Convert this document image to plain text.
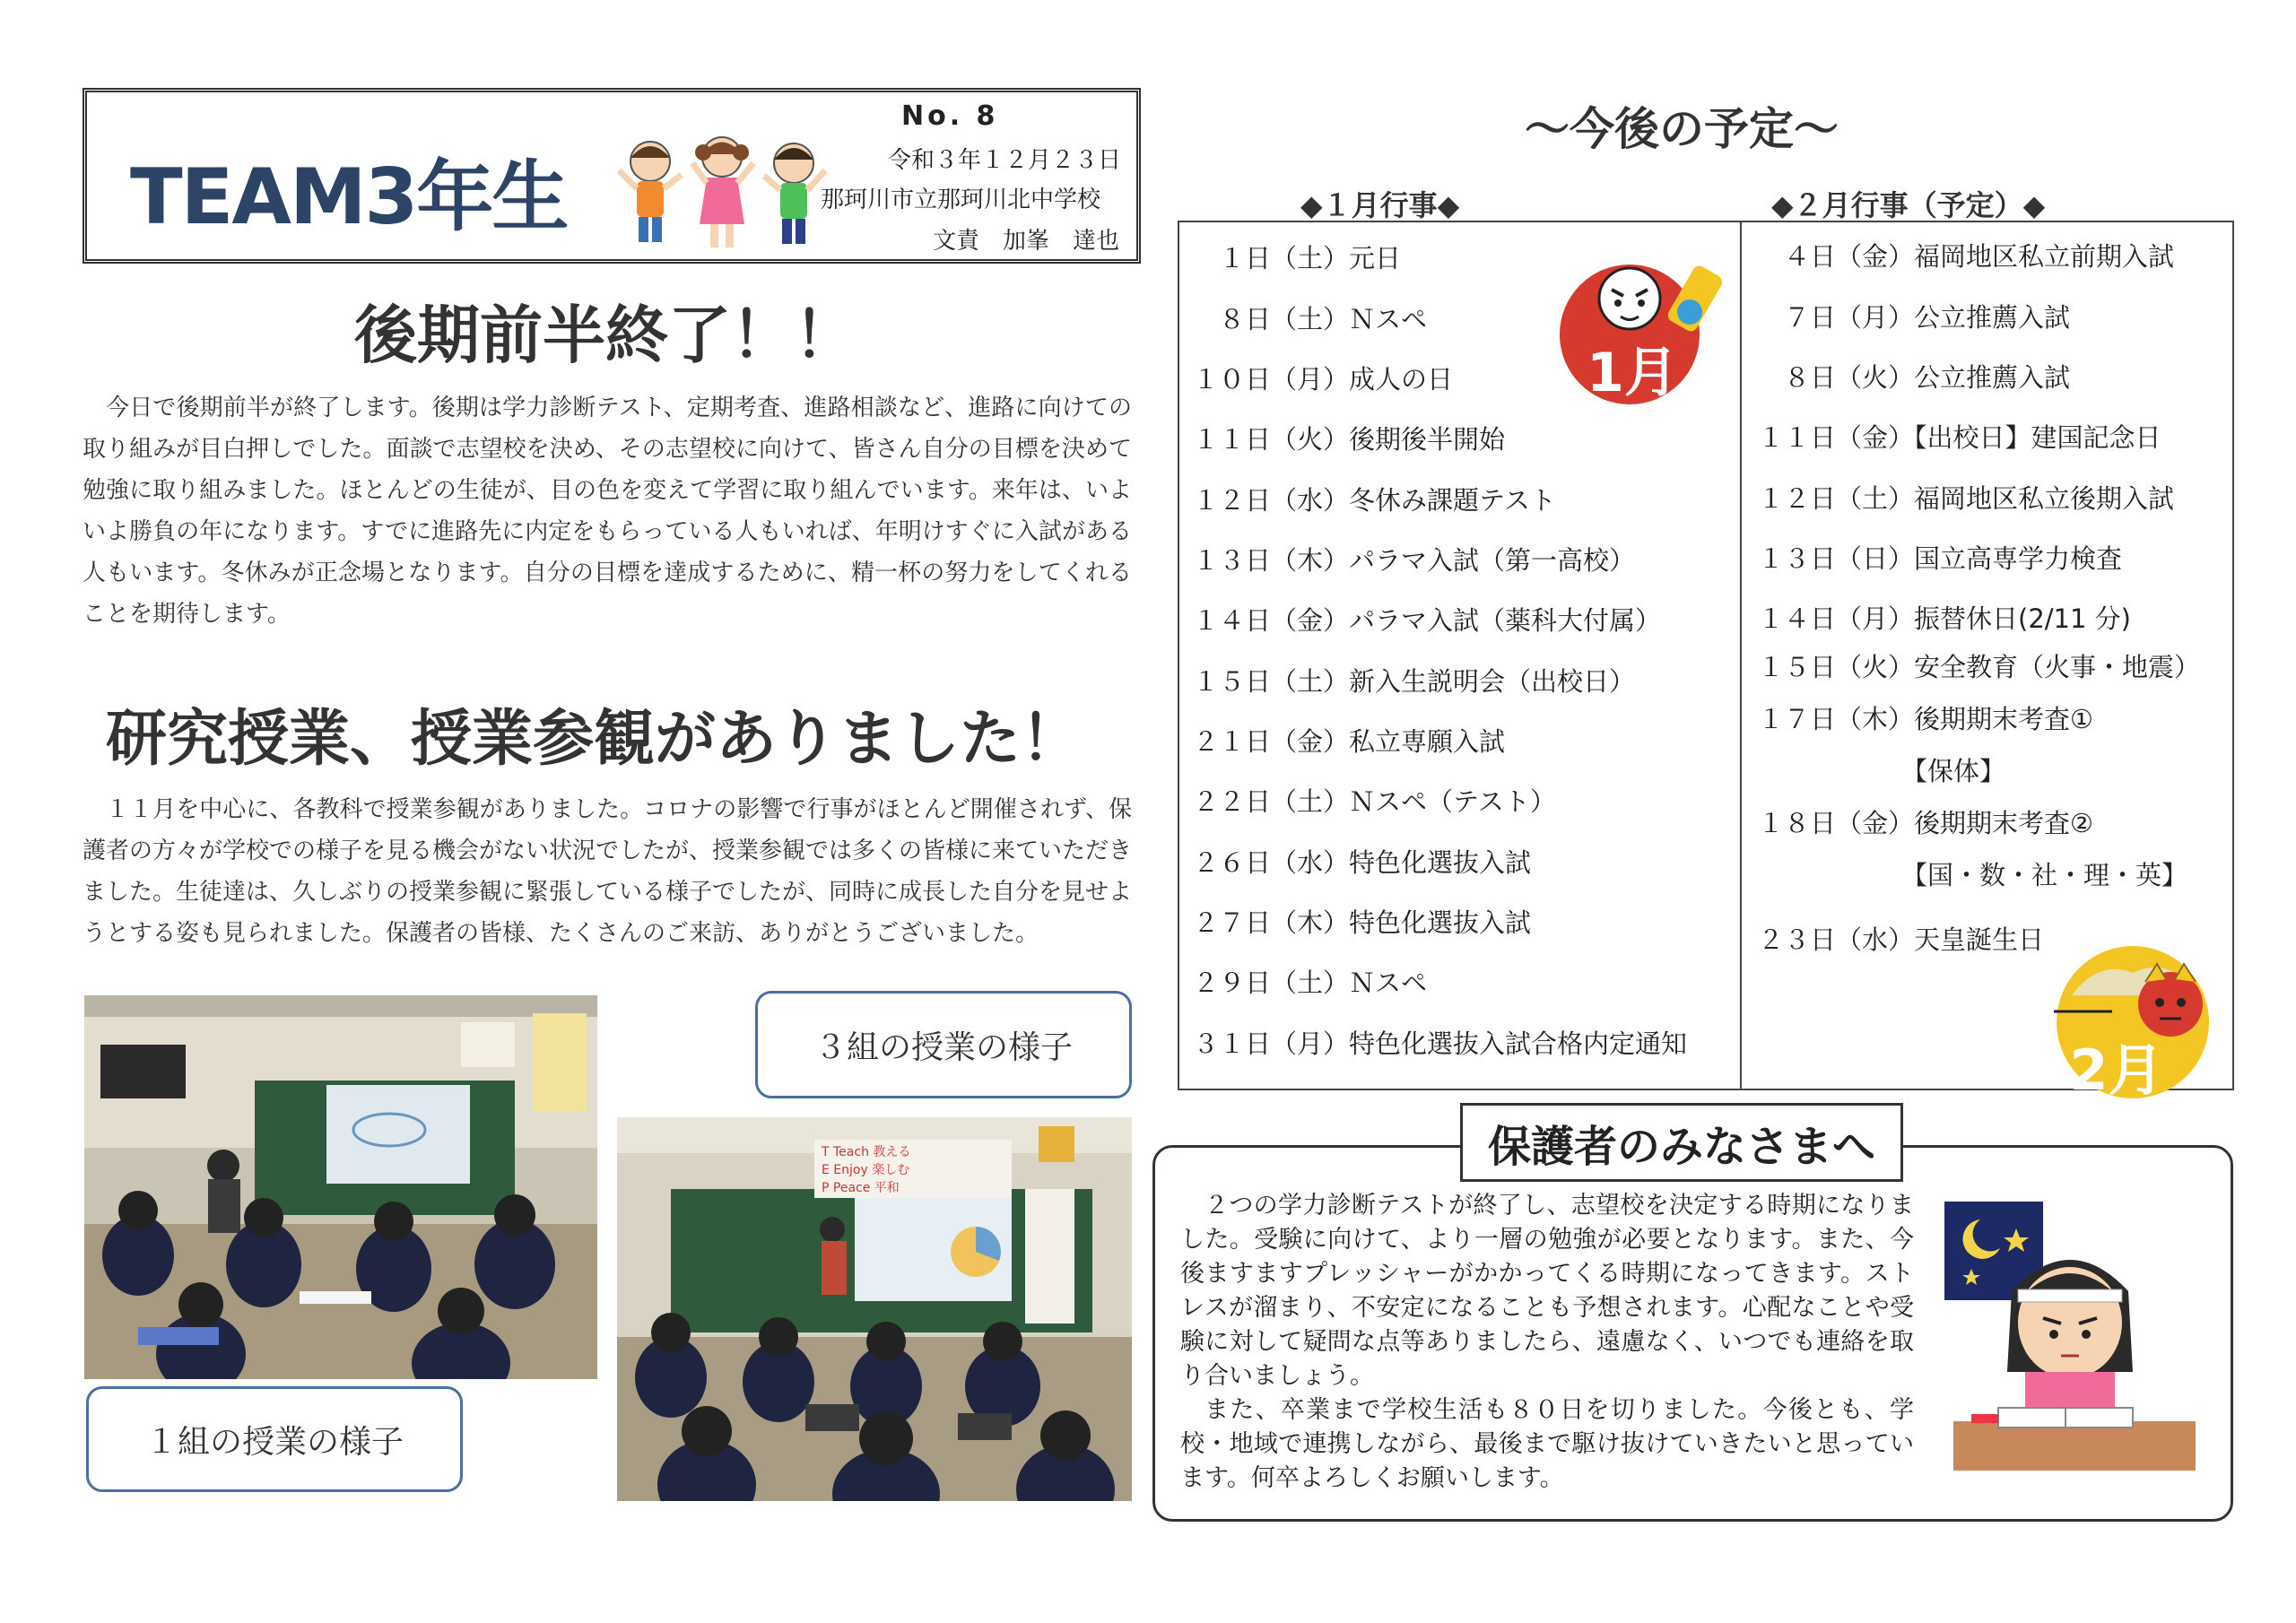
TEAM3年生
No. 8
令和３年１２月２３日
那珂川市立那珂川北中学校
文責　加峯　達也
後期前半終了！！
　今日で後期前半が終了します。後期は学力診断テスト、定期考査、進路相談など、進路に向けての取り組みが目白押しでした。面談で志望校を決め、その志望校に向けて、皆さん自分の目標を決めて勉強に取り組みました。ほとんどの生徒が、目の色を変えて学習に取り組んでいます。来年は、いよいよ勝負の年になります。すでに進路先に内定をもらっている人もいれば、年明けすぐに入試がある人もいます。冬休みが正念場となります。自分の目標を達成するために、精一杯の努力をしてくれることを期待します。
研究授業、授業参観がありました！
　１１月を中心に、各教科で授業参観がありました。コロナの影響で行事がほとんど開催されず、保護者の方々が学校での様子を見る機会がない状況でしたが、授業参観では多くの皆様に来ていただきました。生徒達は、久しぶりの授業参観に緊張している様子でしたが、同時に成長した自分を見せようとする姿も見られました。保護者の皆様、たくさんのご来訪、ありがとうございました。
T Teach 教える
E Enjoy 楽しむ
P Peace 平和
３組の授業の様子
１組の授業の様子
～今後の予定～
◆１月行事◆	◆２月行事（予定）◆
　１日（土）元日
　８日（土）Ｎスペ
１０日（月）成人の日
１１日（火）後期後半開始
１２日（水）冬休み課題テスト
１３日（木）パラマ入試（第一高校）
１４日（金）パラマ入試（薬科大付属）
１５日（土）新入生説明会（出校日）
２１日（金）私立専願入試
２２日（土）Ｎスペ（テスト）
２６日（水）特色化選抜入試
２７日（木）特色化選抜入試
２９日（土）Ｎスペ
３１日（月）特色化選抜入試合格内定通知
　４日（金）福岡地区私立前期入試
　７日（月）公立推薦入試
　８日（火）公立推薦入試
１１日（金）【出校日】建国記念日
１２日（土）福岡地区私立後期入試
１３日（日）国立高専学力検査
１４日（月）振替休日(2/11 分)
１５日（火）安全教育（火事・地震）
１７日（木）後期期末考査①
【保体】
１８日（金）後期期末考査②
【国・数・社・理・英】
２３日（水）天皇誕生日
1月
2月
保護者のみなさまへ

２つの学力診断テストが終了し、志望校を決定する時期になりました。受験に向けて、より一層の勉強が必要となります。また、今後ますますプレッシャーがかかってくる時期になってきます。ストレスが溜まり、不安定になることも予想されます。心配なことや受験に対して疑問な点等ありましたら、遠慮なく、いつでも連絡を取り合いましょう。

また、卒業まで学校生活も８０日を切りました。今後とも、学校・地域で連携しながら、最後まで駆け抜けていきたいと思っています。何卒よろしくお願いします。
